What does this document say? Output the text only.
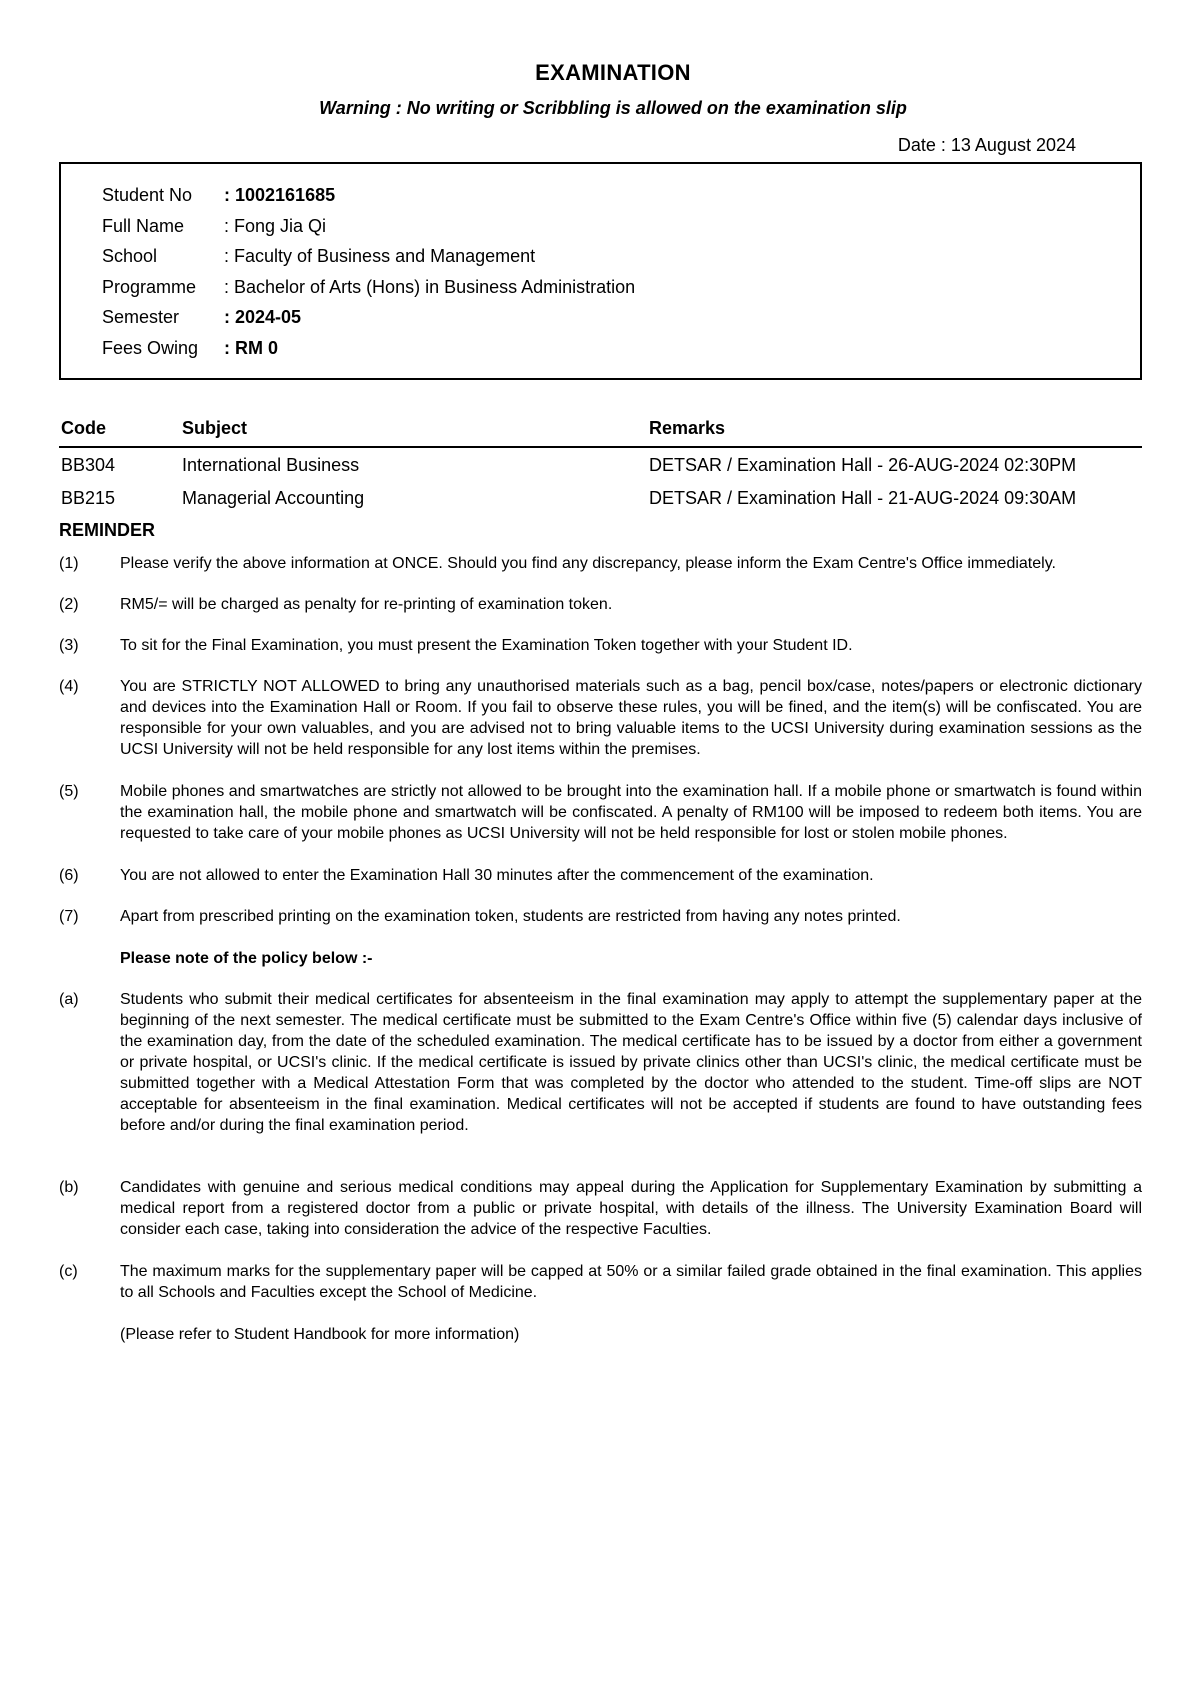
EXAMINATION
Warning : No writing or Scribbling is allowed on the examination slip
Date : 13 August 2024
Student No : 1002161685
Full Name : Fong Jia Qi
School	: Faculty of Business and Management
Programme : Bachelor of Arts (Hons) in Business Administration
Semester : 2024-05
Fees Owing : RM 0
Code	Subject	Remarks
BB304	International Business	DETSAR / Examination Hall - 26-AUG-2024 02:30PM
BB215	Managerial Accounting	DETSAR / Examination Hall - 21-AUG-2024 09:30AM
REMINDER
(1)	Please verify the above information at ONCE. Should you find any discrepancy, please inform the Exam Centre's Office immediately.
(2)	RM5/= will be charged as penalty for re-printing of examination token.
(3)	To sit for the Final Examination, you must present the Examination Token together with your Student ID.
(4)	You are STRICTLY NOT ALLOWED to bring any unauthorised materials such as a bag, pencil box/case, notes/papers or electronic dictionary and devices into the Examination Hall or Room. If you fail to observe these rules, you will be fined, and the item(s) will be confiscated. You are responsible for your own valuables, and you are advised not to bring valuable items to the UCSI University during examination sessions as the UCSI University will not be held responsible for any lost items within the premises.
(5)	Mobile phones and smartwatches are strictly not allowed to be brought into the examination hall. If a mobile phone or smartwatch is found within the examination hall, the mobile phone and smartwatch will be confiscated. A penalty of RM100 will be imposed to redeem both items. You are requested to take care of your mobile phones as UCSI University will not be held responsible for lost or stolen mobile phones.
(6)	You are not allowed to enter the Examination Hall 30 minutes after the commencement of the examination.
(7)	Apart from prescribed printing on the examination token, students are restricted from having any notes printed.
Please note of the policy below :-
(a)	Students who submit their medical certificates for absenteeism in the final examination may apply to attempt the supplementary paper at the beginning of the next semester. The medical certificate must be submitted to the Exam Centre's Office within five (5) calendar days inclusive of the examination day, from the date of the scheduled examination. The medical certificate has to be issued by a doctor from either a government or private hospital, or UCSI's clinic. If the medical certificate is issued by private clinics other than UCSI's clinic, the medical certificate must be submitted together with a Medical Attestation Form that was completed by the doctor who attended to the student. Time-off slips are NOT acceptable for absenteeism in the final examination. Medical certificates will not be accepted if students are found to have outstanding fees before and/or during the final examination period.
(b)	Candidates with genuine and serious medical conditions may appeal during the Application for Supplementary Examination by submitting a medical report from a registered doctor from a public or private hospital, with details of the illness. The University Examination Board will consider each case, taking into consideration the advice of the respective Faculties.
(c)	The maximum marks for the supplementary paper will be capped at 50% or a similar failed grade obtained in the final examination. This applies to all Schools and Faculties except the School of Medicine.
(Please refer to Student Handbook for more information)
